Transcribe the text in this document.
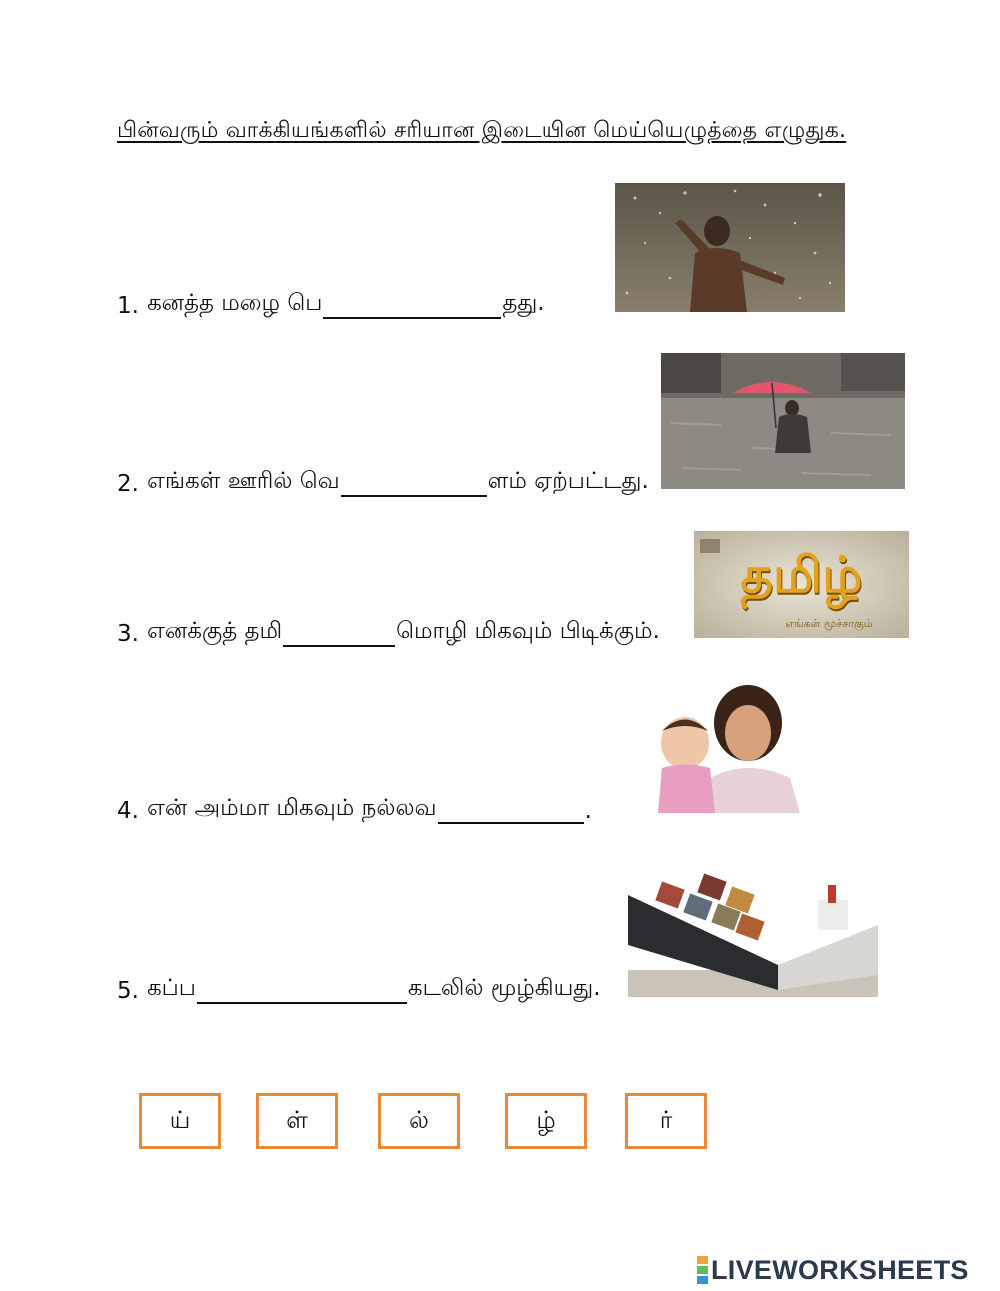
பின்வரும் வாக்கியங்களில் சரியான இடையின மெய்யெழுத்தை எழுதுக.
1. கனத்த மழை பெ	தது.
2. எங்கள் ஊரில் வெ	ளம் ஏற்பட்டது.
3. எனக்குத் தமி	மொழி மிகவும் பிடிக்கும்.
4. என் அம்மா மிகவும் நல்லவ	.
5. கப்ப	கடலில் மூழ்கியது.
தமிழ்
எங்கள் மூச்சாகும்
ய்	ள்	ல்	ழ்	ர்
LIVEWORKSHEETS
